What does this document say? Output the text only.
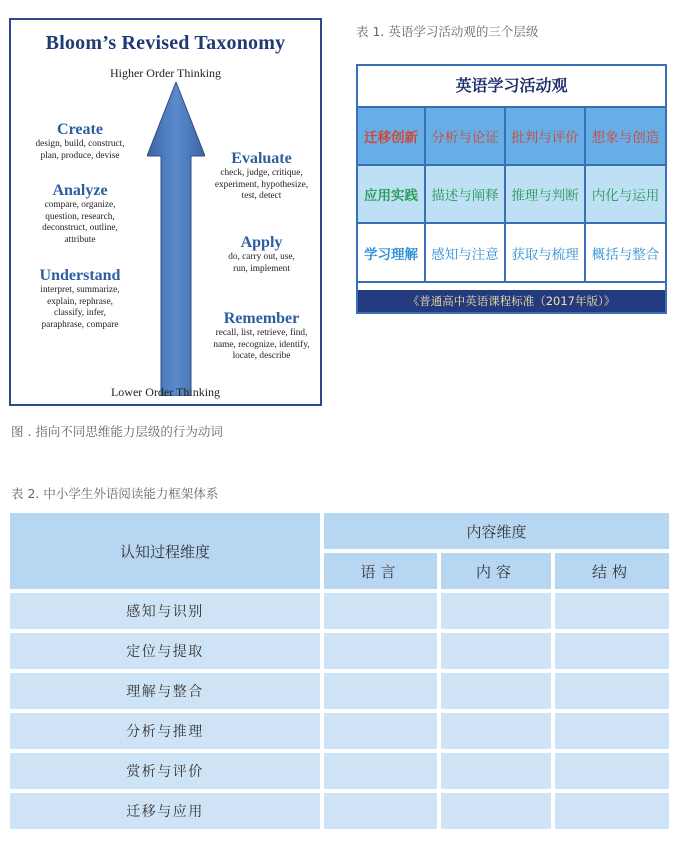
Bloom’s Revised Taxonomy
Higher Order Thinking
Create
design, build, construct,
plan, produce, devise	Evaluate
check, judge, critique,
experiment, hypothesize,
test, detect
Analyze
compare, organize,
question, research,
deconstruct, outline,
attribute	Apply
do, carry out, use,
run, implement
Understand
interpret, summarize,
explain, rephrase,
classify, infer,
paraphrase, compare	Remember
recall, list, retrieve, find,
name, recognize, identify,
locate, describe
Lower Order Thinking
图 . 指向不同思维能力层级的行为动词
表 1. 英语学习活动观的三个层级
英语学习活动观
迁移创新 分析与论证 批判与评价 想象与创造
应用实践 描述与阐释 推理与判断 内化与运用
学习理解 感知与注意 获取与梳理 概括与整合
《普通高中英语课程标准（2017年版）》
表 2. 中小学生外语阅读能力框架体系
认知过程维度
内容维度
语言	内容	结构
感知与识别
定位与提取
理解与整合
分析与推理
赏析与评价
迁移与应用
